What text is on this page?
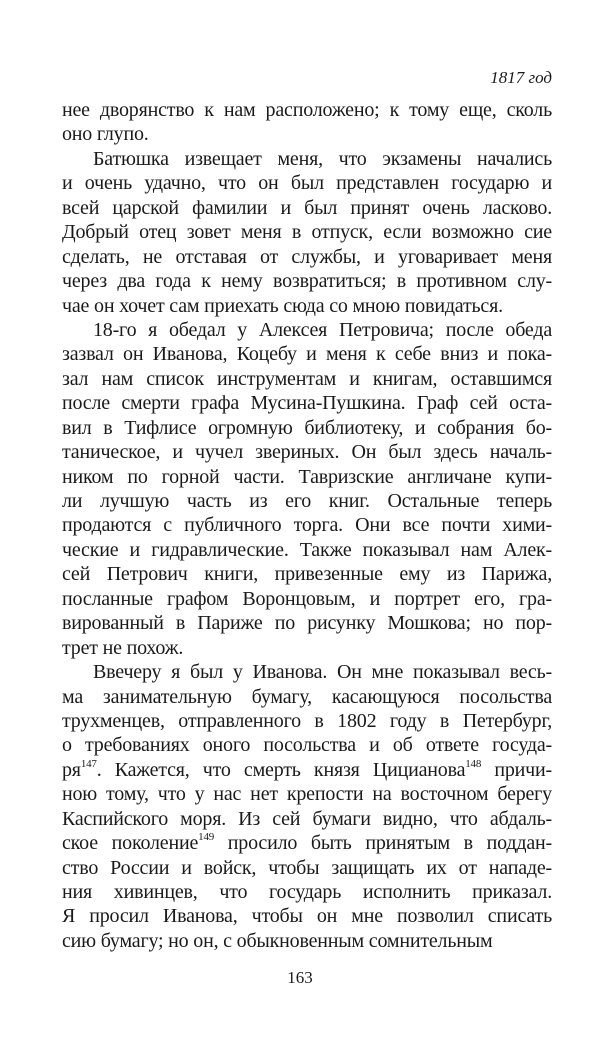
1817 год
нее дворянство к нам расположено; к тому еще, сколь
оно глупо.
Батюшка извещает меня, что экзамены начались
и очень удачно, что он был представлен государю и
всей царской фамилии и был принят очень ласково.
Добрый отец зовет меня в отпуск, если возможно сие
сделать, не отставая от службы, и уговаривает меня
через два года к нему возвратиться; в противном слу-
чае он хочет сам приехать сюда со мною повидаться.
18-го я обедал у Алексея Петровича; после обеда
зазвал он Иванова, Коцебу и меня к себе вниз и пока-
зал нам список инструментам и книгам, оставшимся
после смерти графа Мусина-Пушкина. Граф сей оста-
вил в Тифлисе огромную библиотеку, и собрания бо-
таническое, и чучел звериных. Он был здесь началь-
ником по горной части. Тавризские англичане купи-
ли лучшую часть из его книг. Остальные теперь
продаются с публичного торга. Они все почти хими-
ческие и гидравлические. Также показывал нам Алек-
сей Петрович книги, привезенные ему из Парижа,
посланные графом Воронцовым, и портрет его, гра-
вированный в Париже по рисунку Мошкова; но пор-
трет не похож.
Ввечеру я был у Иванова. Он мне показывал весь-
ма занимательную бумагу, касающуюся посольства
трухменцев, отправленного в 1802 году в Петербург,
о требованиях оного посольства и об ответе госуда-
$ря^{147}$. Кажется, что смерть князя Цицианова$^{148}$ причи-
ною тому, что у нас нет крепости на восточном берегу
Каспийского моря. Из сей бумаги видно, что абдаль-
ское поколение$^{149}$ просило быть принятым в поддан-
ство России и войск, чтобы защищать их от нападе-
ния хивинцев, что государь исполнить приказал.
Я просил Иванова, чтобы он мне позволил списать
сию бумагу; но он, с обыкновенным сомнительным
163
